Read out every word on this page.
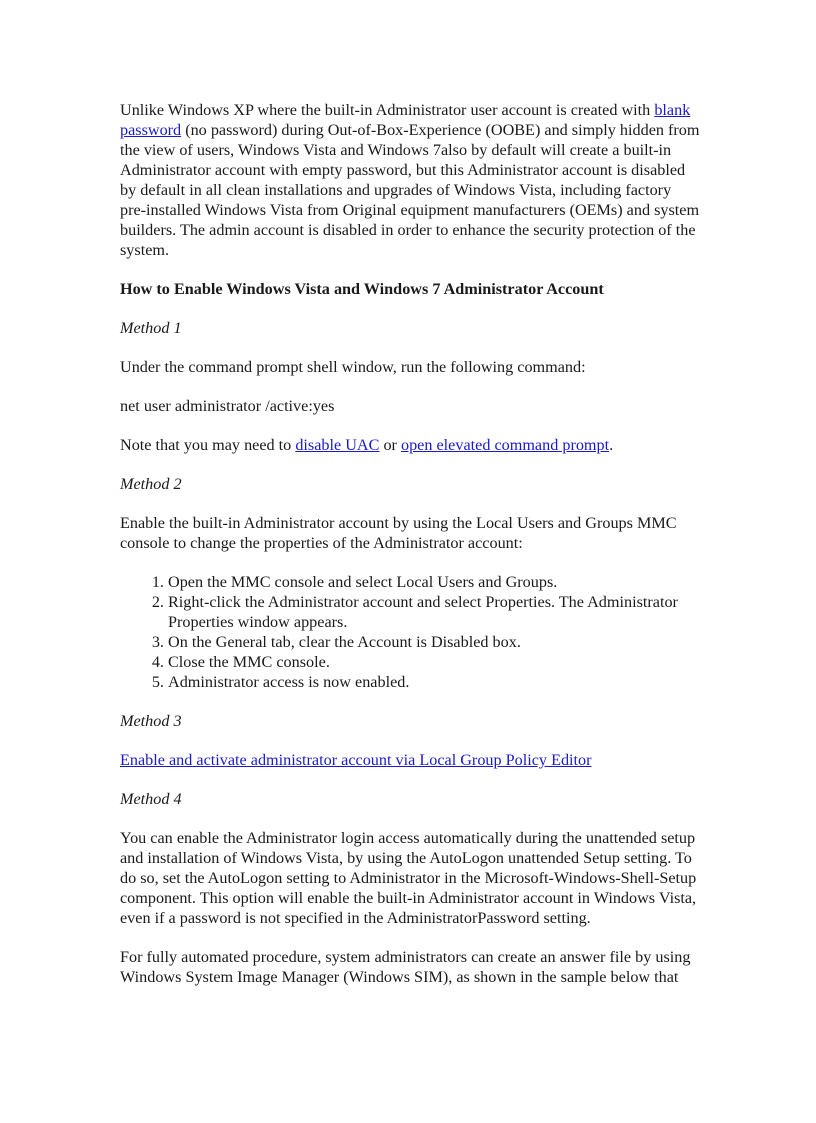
Unlike Windows XP where the built-in Administrator user account is created with blank password (no password) during Out-of-Box-Experience (OOBE) and simply hidden from the view of users, Windows Vista and Windows 7also by default will create a built-in Administrator account with empty password, but this Administrator account is disabled by default in all clean installations and upgrades of Windows Vista, including factory pre-installed Windows Vista from Original equipment manufacturers (OEMs) and system builders. The admin account is disabled in order to enhance the security protection of the system.

How to Enable Windows Vista and Windows 7 Administrator Account

Method 1

Under the command prompt shell window, run the following command:

net user administrator /active:yes

Note that you may need to disable UAC or open elevated command prompt.

Method 2

Enable the built-in Administrator account by using the Local Users and Groups MMC console to change the properties of the Administrator account:

1. Open the MMC console and select Local Users and Groups.
2. Right-click the Administrator account and select Properties. The Administrator Properties window appears.
3. On the General tab, clear the Account is Disabled box.
4. Close the MMC console.
5. Administrator access is now enabled.

Method 3

Enable and activate administrator account via Local Group Policy Editor

Method 4

You can enable the Administrator login access automatically during the unattended setup and installation of Windows Vista, by using the AutoLogon unattended Setup setting. To do so, set the AutoLogon setting to Administrator in the Microsoft-Windows-Shell-Setup component. This option will enable the built-in Administrator account in Windows Vista, even if a password is not specified in the AdministratorPassword setting.

For fully automated procedure, system administrators can create an answer file by using Windows System Image Manager (Windows SIM), as shown in the sample below that
